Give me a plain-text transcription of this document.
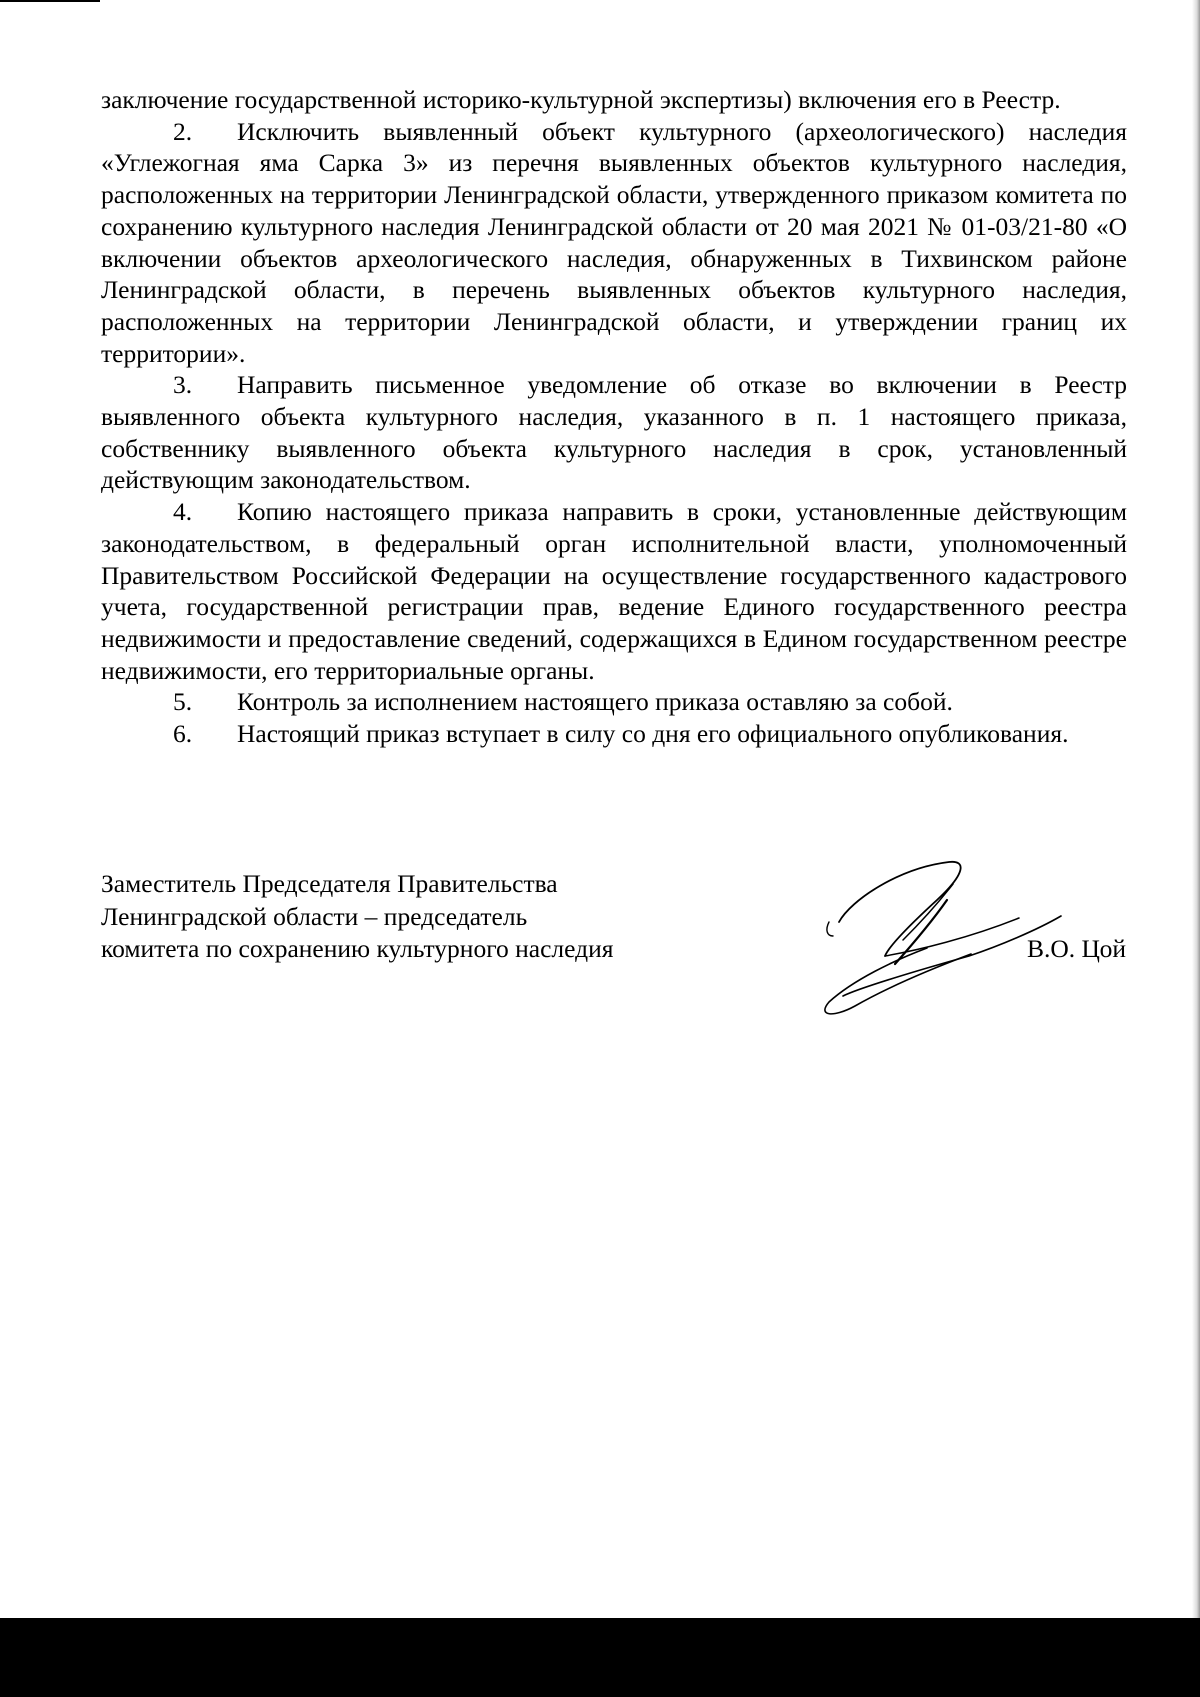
заключение государственной историко-культурной экспертизы) включения его в Реестр.

2. Исключить выявленный объект культурного (археологического) наследия «Углежогная яма Сарка 3» из перечня выявленных объектов культурного наследия, расположенных на территории Ленинградской области, утвержденного приказом комитета по сохранению культурного наследия Ленинградской области от 20 мая 2021 № 01-03/21-80 «О включении объектов археологического наследия, обнаруженных в Тихвинском районе Ленинградской области, в перечень выявленных объектов культурного наследия, расположенных на территории Ленинградской области, и утверждении границ их территории».

3. Направить письменное уведомление об отказе во включении в Реестр выявленного объекта культурного наследия, указанного в п. 1 настоящего приказа, собственнику выявленного объекта культурного наследия в срок, установленный действующим законодательством.

4. Копию настоящего приказа направить в сроки, установленные действующим законодательством, в федеральный орган исполнительной власти, уполномоченный Правительством Российской Федерации на осуществление государственного кадастрового учета, государственной регистрации прав, ведение Единого государственного реестра недвижимости и предоставление сведений, содержащихся в Едином государственном реестре недвижимости, его территориальные органы.

5. Контроль за исполнением настоящего приказа оставляю за собой.

6. Настоящий приказ вступает в силу со дня его официального опубликования.

Заместитель Председателя Правительства
Ленинградской области – председатель
комитета по сохранению культурного наследия	В.О. Цой
